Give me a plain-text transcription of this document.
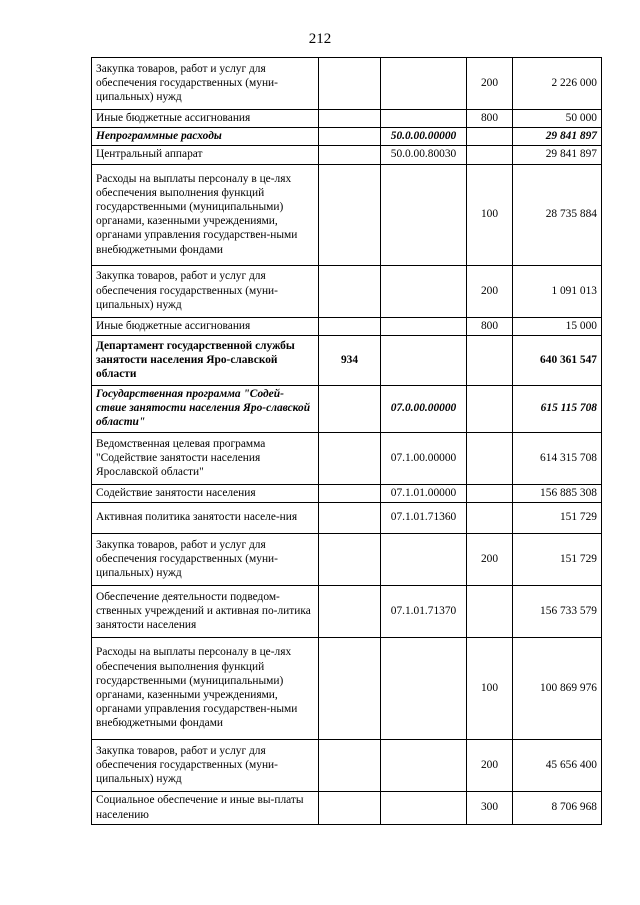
212
Закупка товаров, работ и услуг для обеспечения государственных (муни-ципальных) нужд			200	2 226 000
Иные бюджетные ассигнования			800	50 000
Непрограммные расходы		50.0.00.00000		29 841 897
Центральный аппарат		50.0.00.80030		29 841 897
Расходы на выплаты персоналу в це-лях обеспечения выполнения функций государственными (муниципальными) органами, казенными учреждениями, органами управления государствен-ными внебюджетными фондами			100	28 735 884
Закупка товаров, работ и услуг для обеспечения государственных (муни-ципальных) нужд			200	1 091 013
Иные бюджетные ассигнования			800	15 000
Департамент государственной службы занятости населения Яро-славской области	934			640 361 547
Государственная программа "Содей-ствие занятости населения Яро-славской области"		07.0.00.00000		615 115 708
Ведомственная целевая программа "Содействие занятости населения Ярославской области"		07.1.00.00000		614 315 708
Содействие занятости населения		07.1.01.00000		156 885 308
Активная политика занятости населе-ния		07.1.01.71360		151 729
Закупка товаров, работ и услуг для обеспечения государственных (муни-ципальных) нужд			200	151 729
Обеспечение деятельности подведом-ственных учреждений и активная по-литика занятости населения		07.1.01.71370		156 733 579
Расходы на выплаты персоналу в це-лях обеспечения выполнения функций государственными (муниципальными) органами, казенными учреждениями, органами управления государствен-ными внебюджетными фондами			100	100 869 976
Закупка товаров, работ и услуг для обеспечения государственных (муни-ципальных) нужд			200	45 656 400
Социальное обеспечение и иные вы-платы населению			300	8 706 968
